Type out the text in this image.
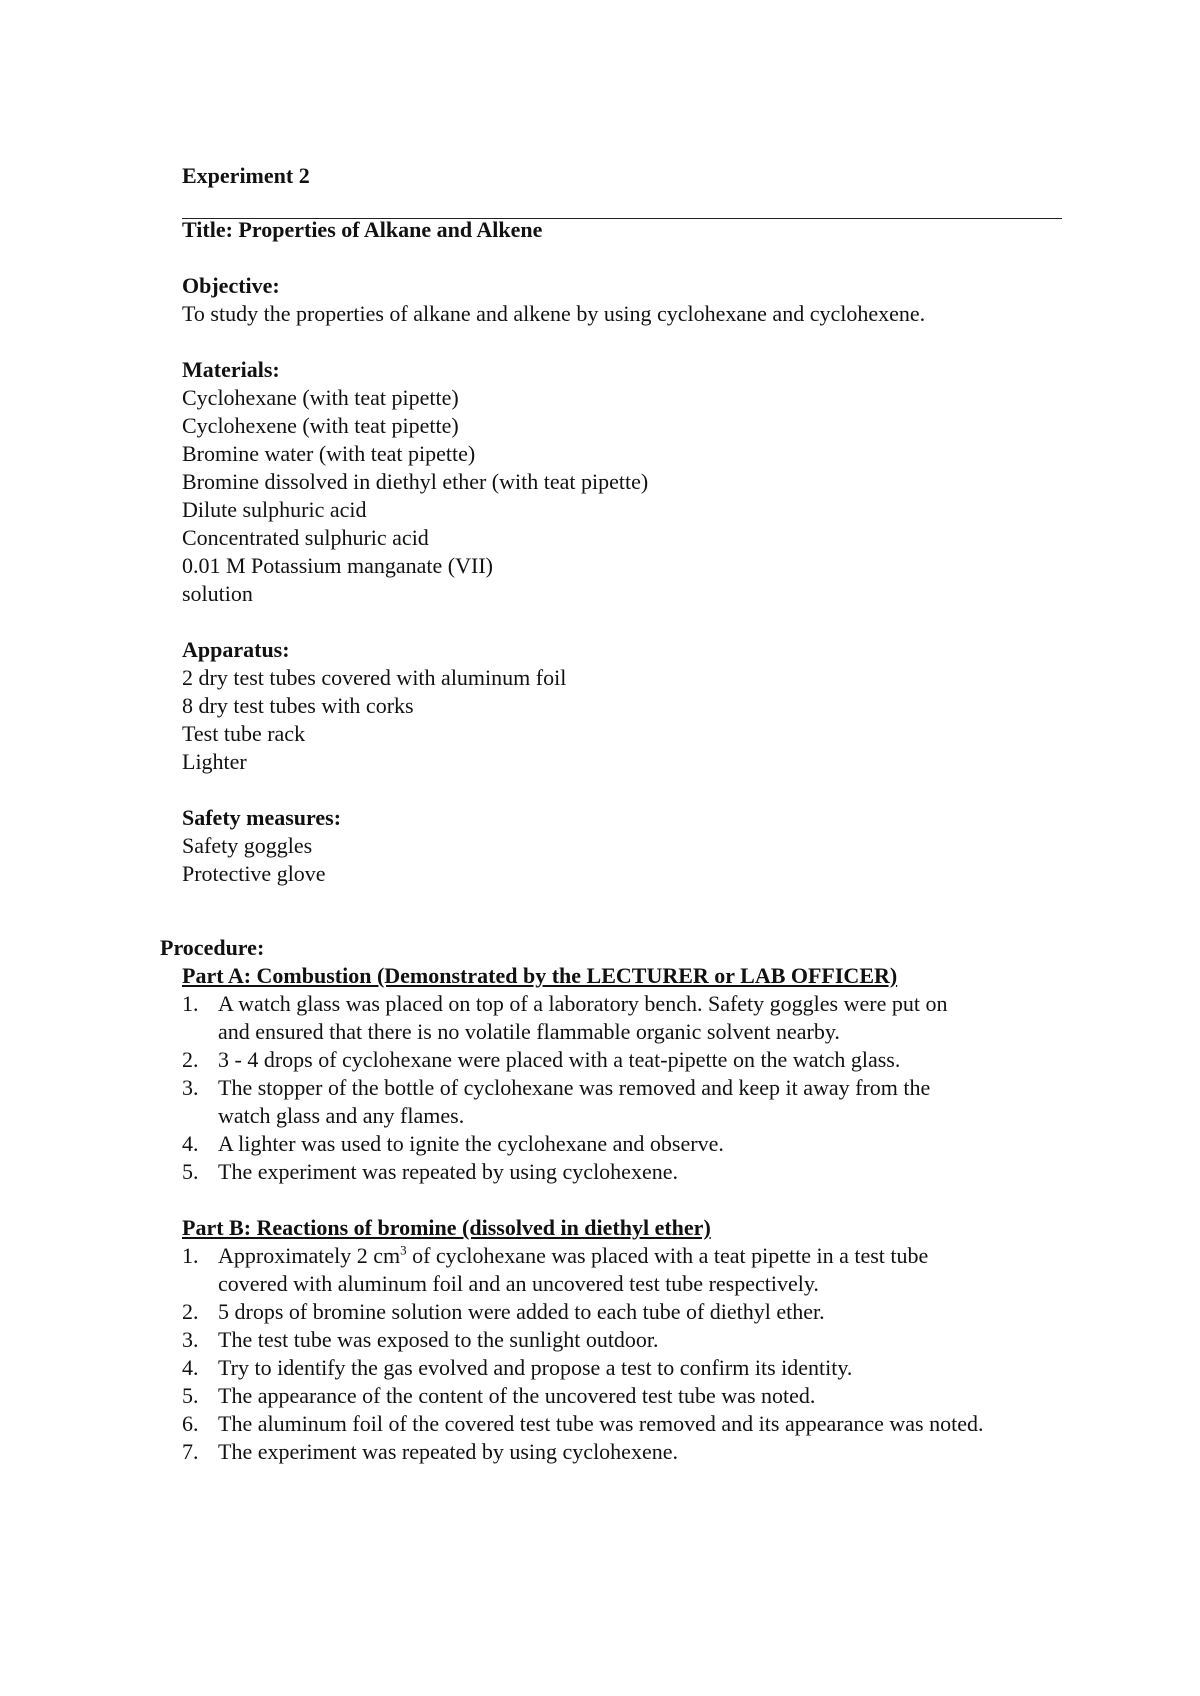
Experiment 2

Title: Properties of Alkane and Alkene

Objective:

To study the properties of alkane and alkene by using cyclohexane and cyclohexene.

Materials:

Cyclohexane (with teat pipette)

Cyclohexene (with teat pipette)

Bromine water (with teat pipette)

Bromine dissolved in diethyl ether (with teat pipette)

Dilute sulphuric acid

Concentrated sulphuric acid

0.01 M Potassium manganate (VII)

solution

Apparatus:

2 dry test tubes covered with aluminum foil

8 dry test tubes with corks

Test tube rack

Lighter

Safety measures:

Safety goggles

Protective glove

Procedure:

Part A: Combustion (Demonstrated by the LECTURER or LAB OFFICER)

1. A watch glass was placed on top of a laboratory bench. Safety goggles were put on
and ensured that there is no volatile flammable organic solvent nearby.
2. 3 - 4 drops of cyclohexane were placed with a teat-pipette on the watch glass.
3. The stopper of the bottle of cyclohexane was removed and keep it away from the
watch glass and any flames.
4. A lighter was used to ignite the cyclohexane and observe.
5. The experiment was repeated by using cyclohexene.

Part B: Reactions of bromine (dissolved in diethyl ether)

1. Approximately 2 $cm^3$ of cyclohexane was placed with a teat pipette in a test tube
covered with aluminum foil and an uncovered test tube respectively.
2. 5 drops of bromine solution were added to each tube of diethyl ether.
3. The test tube was exposed to the sunlight outdoor.
4. Try to identify the gas evolved and propose a test to confirm its identity.
5. The appearance of the content of the uncovered test tube was noted.
6. The aluminum foil of the covered test tube was removed and its appearance was noted.
7. The experiment was repeated by using cyclohexene.
